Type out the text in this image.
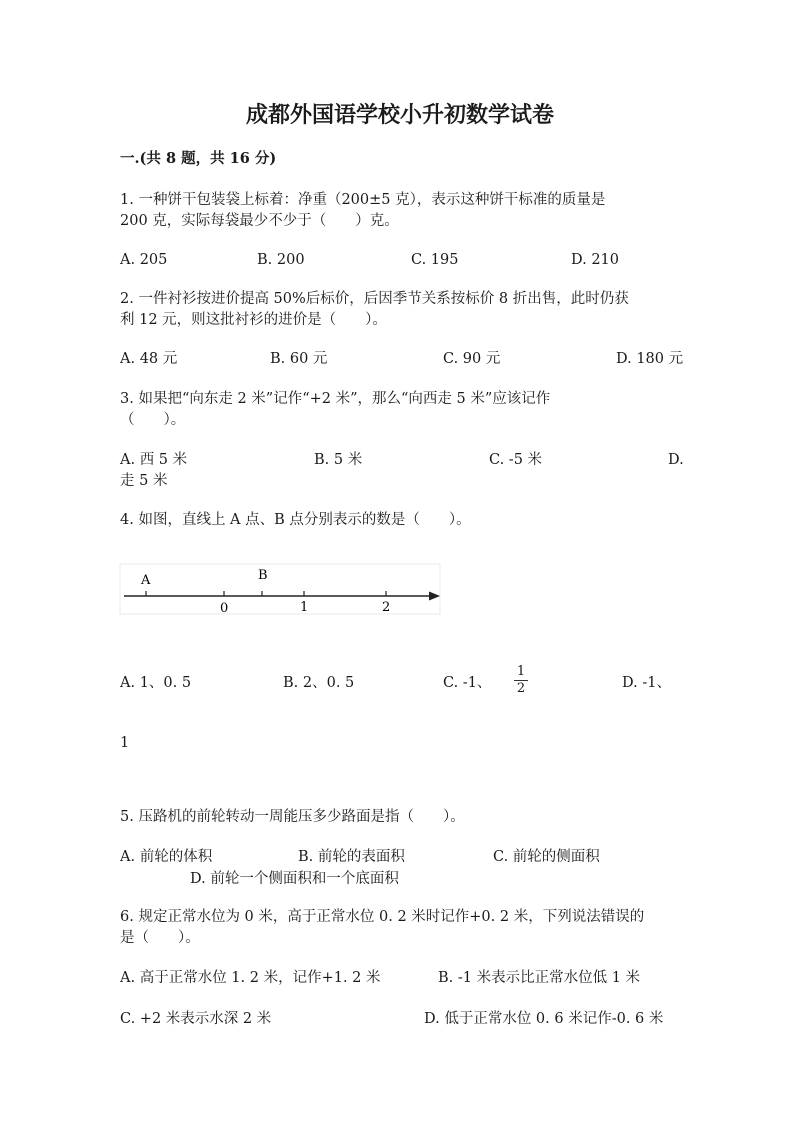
成都外国语学校小升初数学试卷
一.(共 8 题，共 16 分)
1. 一种饼干包装袋上标着：净重（200±5 克），表示这种饼干标准的质量是
200 克，实际每袋最少不少于（　　）克。
A. 205	B. 200	C. 195	D. 210
2. 一件衬衫按进价提高 50%后标价，后因季节关系按标价 8 折出售，此时仍获
利 12 元，则这批衬衫的进价是（　　）。
A. 48 元	B. 60 元	C. 90 元	D. 180 元
3. 如果把“向东走 2 米”记作“+2 米”，那么“向西走 5 米”应该记作
（　　）。
A. 西 5 米	B. 5 米	C. -5 米	D.
走 5 米
4. 如图，直线上 A 点、B 点分别表示的数是（　　）。
A	B
0	1	2
A. 1、0. 5	B. 2、0. 5	C. -1、 $\frac{1}{2}$	D. -1、
1
5. 压路机的前轮转动一周能压多少路面是指（　　）。
A. 前轮的体积	B. 前轮的表面积	C. 前轮的侧面积
D. 前轮一个侧面积和一个底面积
6. 规定正常水位为 0 米，高于正常水位 0. 2 米时记作+0. 2 米，下列说法错误的
是（　　）。
A. 高于正常水位 1. 2 米，记作+1. 2 米	B. -1 米表示比正常水位低 1 米
C. +2 米表示水深 2 米	D. 低于正常水位 0. 6 米记作-0. 6 米
